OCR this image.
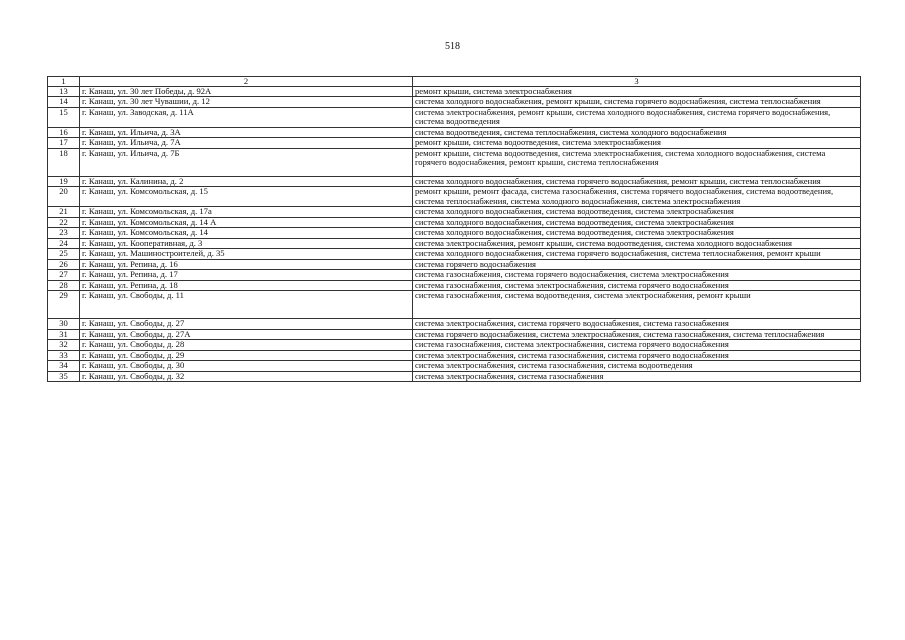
518
1	2	3
13	г. Канаш, ул. 30 лет Победы, д. 92А	ремонт крыши, система электроснабжения
14	г. Канаш, ул. 30 лет Чувашии, д. 12	система холодного водоснабжения, ремонт крыши, система горячего водоснабжения, система теплоснабжения
15	г. Канаш, ул. Заводская, д. 11А	система электроснабжения, ремонт крыши, система холодного водоснабжения, система горячего водоснабжения, система водоотведения
16	г. Канаш, ул. Ильича, д. 3А	система водоотведения, система теплоснабжения, система холодного водоснабжения
17	г. Канаш, ул. Ильича, д. 7А	ремонт крыши, система водоотведения, система электроснабжения
18	г. Канаш, ул. Ильича, д. 7Б	ремонт крыши, система водоотведения, система электроснабжения, система холодного водоснабжения, система горячего водоснабжения, ремонт крыши, система теплоснабжения
19	г. Канаш, ул. Калинина, д. 2	система холодного водоснабжения, система горячего водоснабжения, ремонт крыши, система теплоснабжения
20	г. Канаш, ул. Комсомольская, д. 15	ремонт крыши, ремонт фасада, система газоснабжения, система горячего водоснабжения, система водоотведения, система теплоснабжения, система холодного водоснабжения, система электроснабжения
21	г. Канаш, ул. Комсомольская, д. 17а	система холодного водоснабжения, система водоотведения, система электроснабжения
22	г. Канаш, ул. Комсомольская, д. 14 А	система холодного водоснабжения, система водоотведения, система электроснабжения
23	г. Канаш, ул. Комсомольская, д. 14	система холодного водоснабжения, система водоотведения, система электроснабжения
24	г. Канаш, ул. Кооперативная, д. 3	система электроснабжения, ремонт крыши, система водоотведения, система холодного водоснабжения
25	г. Канаш, ул. Машиностроителей, д. 35	система холодного водоснабжения, система горячего водоснабжения, система теплоснабжения, ремонт крыши
26	г. Канаш, ул. Репина, д. 16	система горячего водоснабжения
27	г. Канаш, ул. Репина, д. 17	система газоснабжения, система горячего водоснабжения, система электроснабжения
28	г. Канаш, ул. Репина, д. 18	система газоснабжения, система электроснабжения, система горячего водоснабжения
29	г. Канаш, ул. Свободы, д. 11	система газоснабжения, система водоотведения, система электроснабжения, ремонт крыши
30	г. Канаш, ул. Свободы, д. 27	система электроснабжения, система горячего водоснабжения, система газоснабжения
31	г. Канаш, ул. Свободы, д. 27А	система горячего водоснабжения, система электроснабжения, система газоснабжения, система теплоснабжения
32	г. Канаш, ул. Свободы, д. 28	система газоснабжения, система электроснабжения, система горячего водоснабжения
33	г. Канаш, ул. Свободы, д. 29	система электроснабжения, система газоснабжения, система горячего водоснабжения
34	г. Канаш, ул. Свободы, д. 30	система электроснабжения, система газоснабжения, система водоотведения
35	г. Канаш, ул. Свободы, д. 32	система электроснабжения, система газоснабжения
